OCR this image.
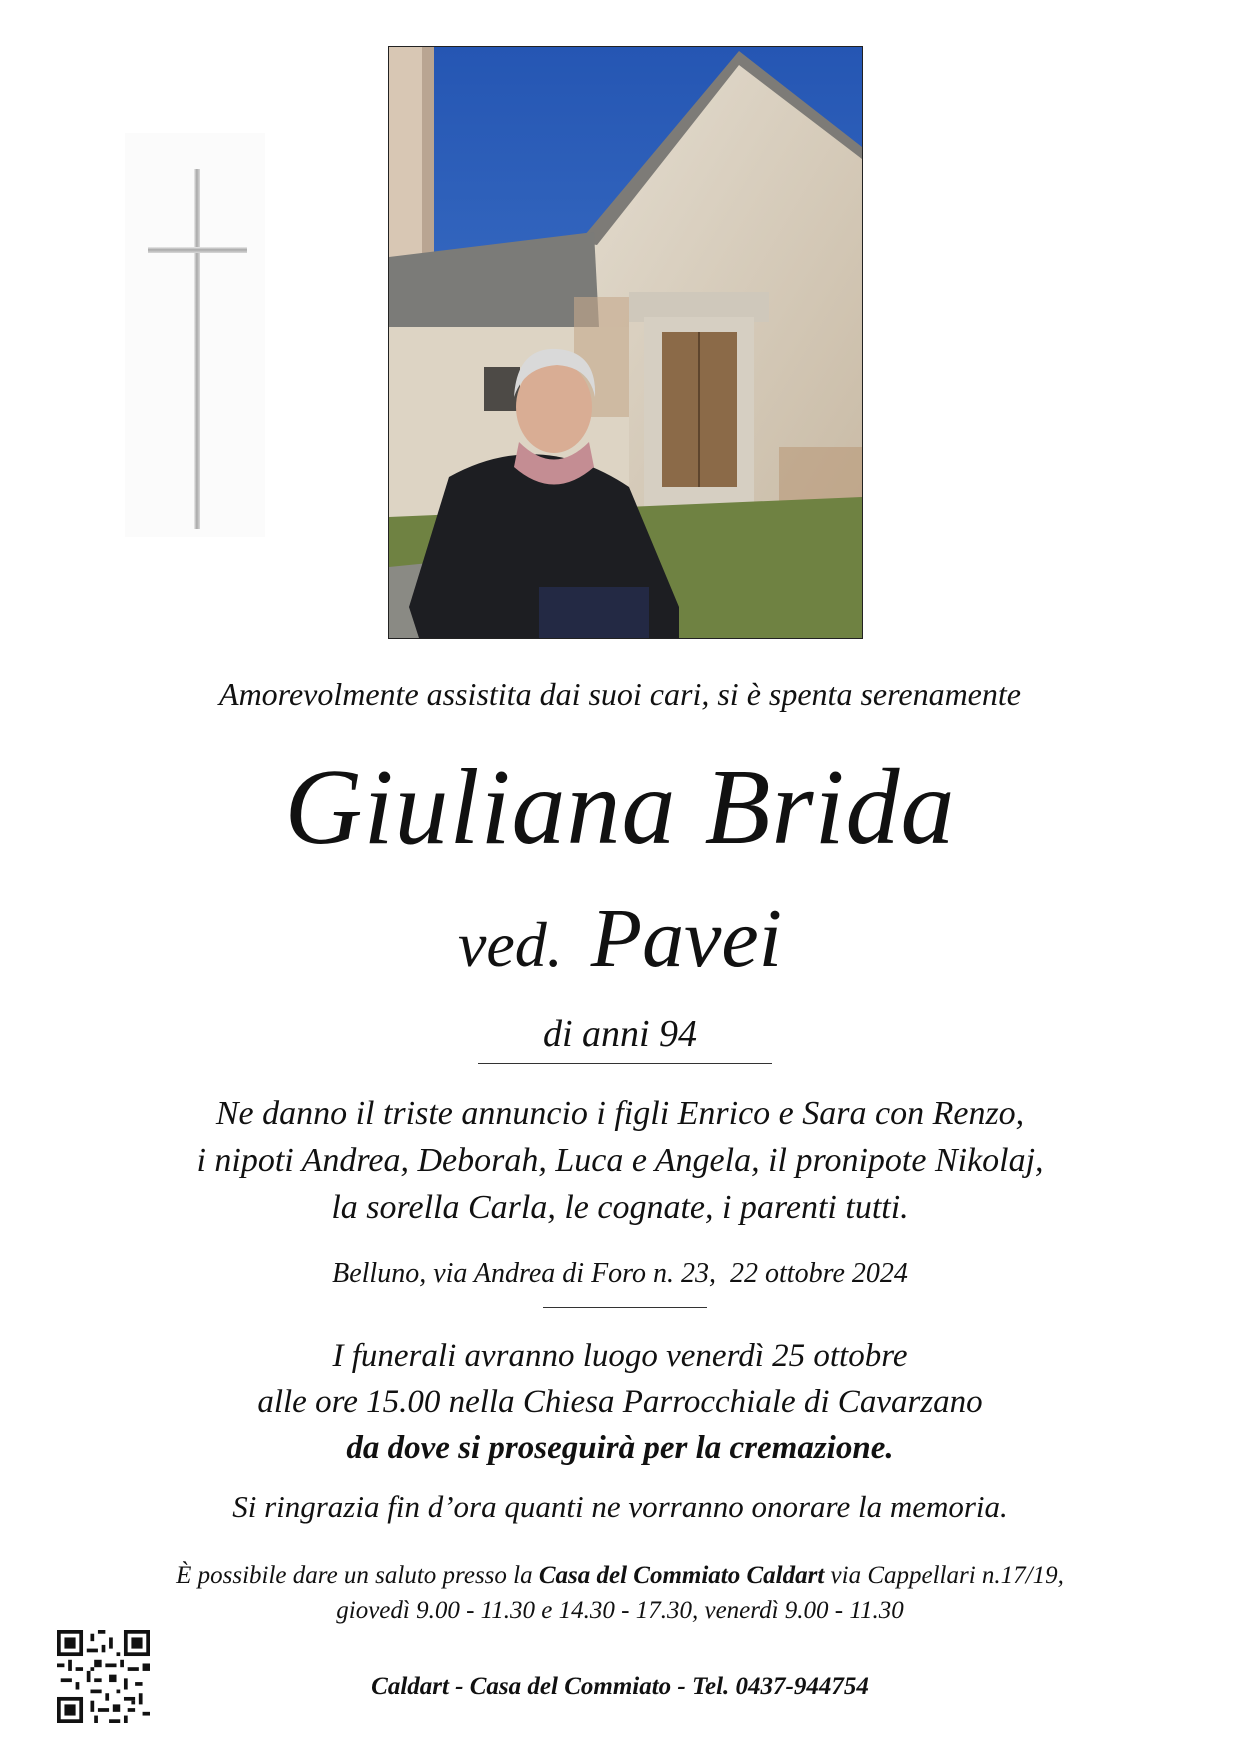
Amorevolmente assistita dai suoi cari, si è spenta serenamente
Giuliana Brida
ved. Pavei
di anni 94
Ne danno il triste annuncio i figli Enrico e Sara con Renzo,
i nipoti Andrea, Deborah, Luca e Angela, il pronipote Nikolaj,
la sorella Carla, le cognate, i parenti tutti.
Belluno, via Andrea di Foro n. 23,  22 ottobre 2024
I funerali avranno luogo venerdì 25 ottobre
alle ore 15.00 nella Chiesa Parrocchiale di Cavarzano
da dove si proseguirà per la cremazione.
Si ringrazia fin d’ora quanti ne vorranno onorare la memoria.
È possibile dare un saluto presso la Casa del Commiato Caldart via Cappellari n.17/19,
giovedì 9.00 - 11.30 e 14.30 - 17.30, venerdì 9.00 - 11.30
Caldart - Casa del Commiato - Tel. 0437-944754
